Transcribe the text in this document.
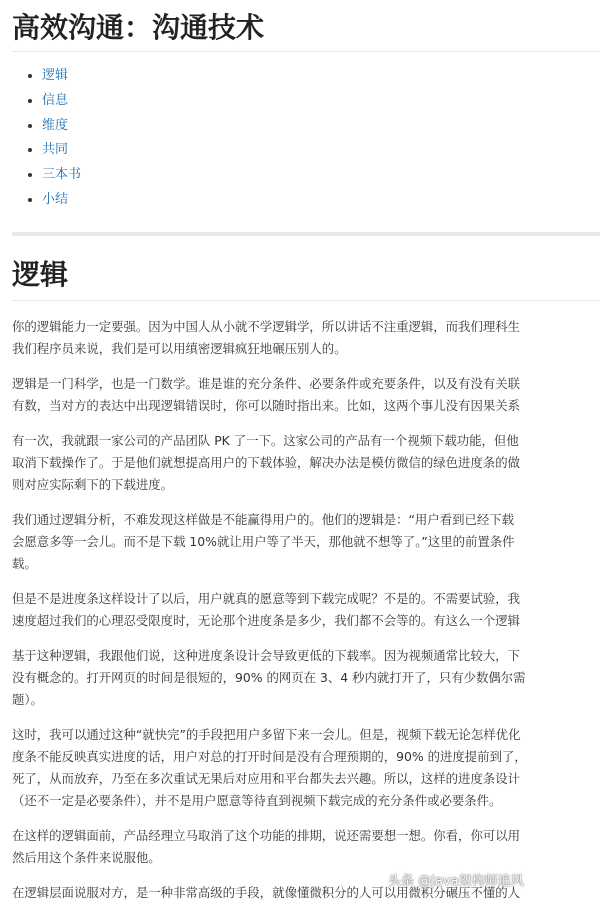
高效沟通：沟通技术
• 逻辑
• 信息
• 维度
• 共同
• 三本书
• 小结
逻辑

你的逻辑能力一定要强。因为中国人从小就不学逻辑学，所以讲话不注重逻辑，而我们理科生

我们程序员来说，我们是可以用缜密逻辑疯狂地碾压别人的。

逻辑是一门科学，也是一门数学。谁是谁的充分条件、必要条件或充要条件，以及有没有关联

有数，当对方的表达中出现逻辑错误时，你可以随时指出来。比如，这两个事儿没有因果关系

有一次，我就跟一家公司的产品团队 PK 了一下。这家公司的产品有一个视频下载功能，但他

取消下载操作了。于是他们就想提高用户的下载体验，解决办法是模仿微信的绿色进度条的做

则对应实际剩下的下载进度。

我们通过逻辑分析，不难发现这样做是不能赢得用户的。他们的逻辑是：“用户看到已经下载

会愿意多等一会儿。而不是下载 10%就让用户等了半天，那他就不想等了。”这里的前置条件

载。

但是不是进度条这样设计了以后，用户就真的愿意等到下载完成呢？不是的。不需要试验，我

速度超过我们的心理忍受限度时，无论那个进度条是多少，我们都不会等的。有这么一个逻辑

基于这种逻辑，我跟他们说，这种进度条设计会导致更低的下载率。因为视频通常比较大，下

没有概念的。打开网页的时间是很短的，90% 的网页在 3、4 秒内就打开了，只有少数偶尔需

题）。

这时，我可以通过这种“就快完”的手段把用户多留下来一会儿。但是，视频下载无论怎样优化

度条不能反映真实进度的话，用户对总的打开时间是没有合理预期的，90% 的进度提前到了，

死了，从而放弃，乃至在多次重试无果后对应用和平台都失去兴趣。所以，这样的进度条设计

（还不一定是必要条件），并不是用户愿意等待直到视频下载完成的充分条件或必要条件。

在这样的逻辑面前，产品经理立马取消了这个功能的排期，说还需要想一想。你看，你可以用

然后用这个条件来说服他。

在逻辑层面说服对方，是一种非常高级的手段，就像懂微积分的人可以用微积分碾压不懂的人

头条 @Java架构师追风
